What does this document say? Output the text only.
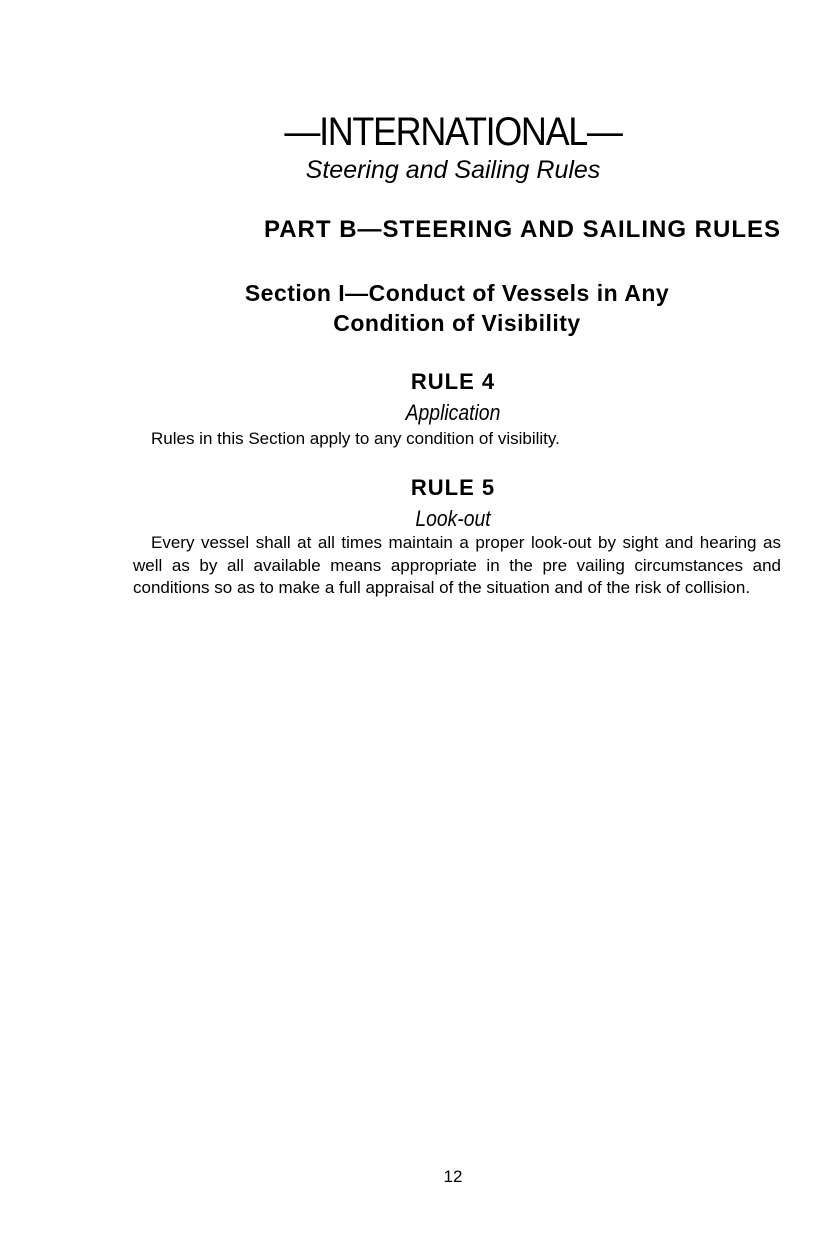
—INTERNATIONAL—
Steering and Sailing Rules
PART B—STEERING AND SAILING RULES
Section I—Conduct of Vessels in Any
Condition of Visibility
RULE 4
Application

Rules in this Section apply to any condition of visibility.

RULE 5
Look-out

Every vessel shall at all times maintain a proper look-out by sight and hearing as well as by all available means appropriate in the pre vailing circumstances and conditions so as to make a full appraisal of the situation and of the risk of collision.

12
